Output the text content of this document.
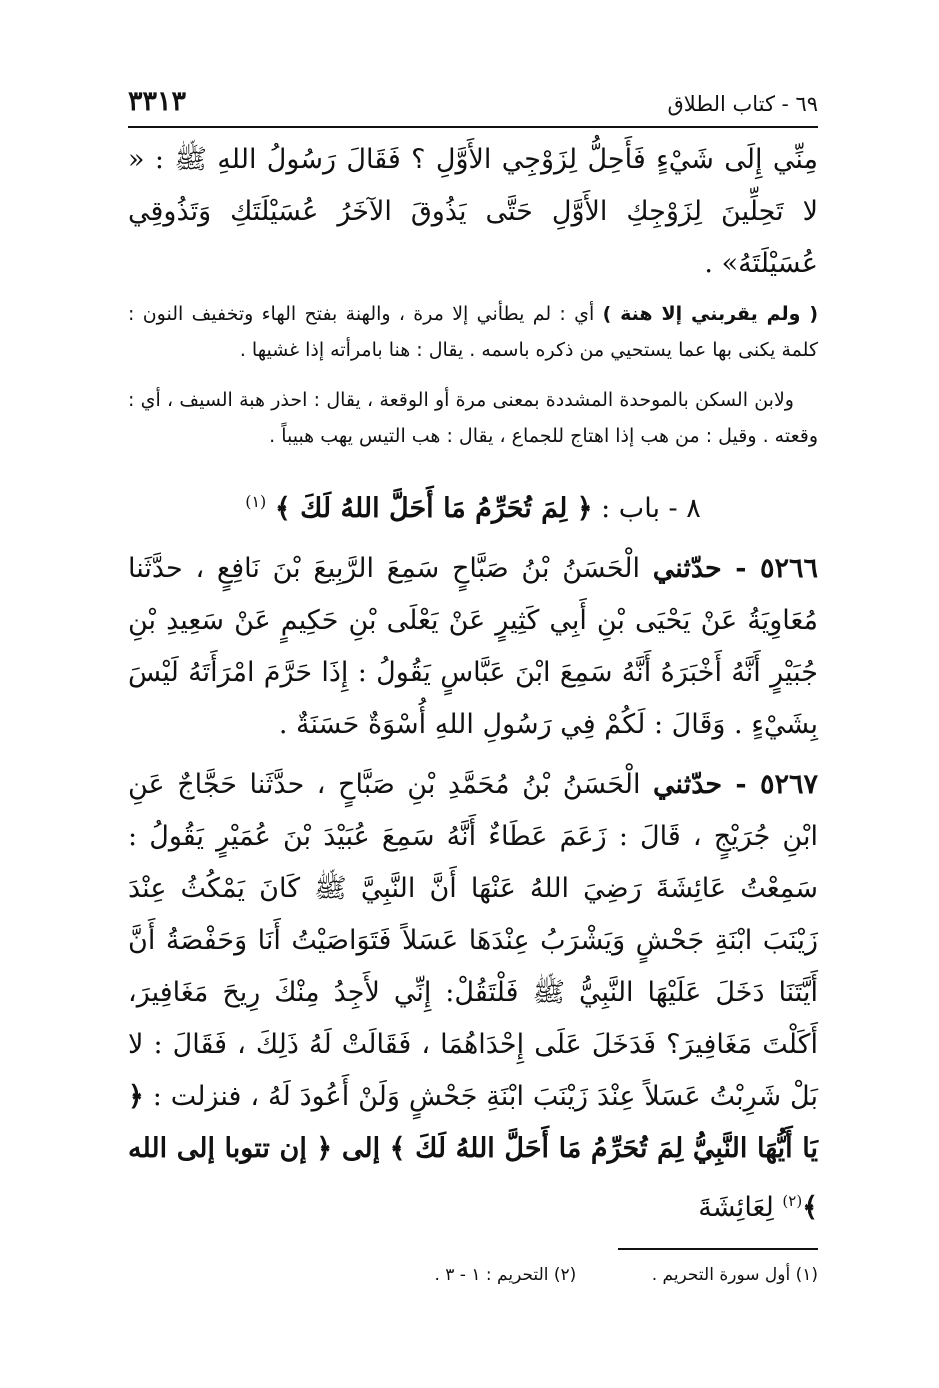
٦٩ - كتاب الطلاق
٣٣١٣

مِنِّي إِلَى شَيْءٍ فَأَحِلُّ لِزَوْجِي الأَوَّلِ ؟ فَقَالَ رَسُولُ اللهِ ﷺ : « لا تَحِلِّينَ لِزَوْجِكِ الأَوَّلِ حَتَّى يَذُوقَ الآخَرُ عُسَيْلَتَكِ وَتَذُوقِي عُسَيْلَتَهُ» .

( ولم يقربني إلا هنة ) أي : لم يطأني إلا مرة ، والهنة بفتح الهاء وتخفيف النون : كلمة يكنى بها عما يستحيي من ذكره باسمه . يقال : هنا بامرأته إذا غشيها .

ولابن السكن بالموحدة المشددة بمعنى مرة أو الوقعة ، يقال : احذر هبة السيف ، أي : وقعته . وقيل : من هب إذا اهتاج للجماع ، يقال : هب التيس يهب هبيباً .

٨ - باب : ﴿ لِمَ تُحَرِّمُ مَا أَحَلَّ اللهُ لَكَ ﴾ $^{(١)}$

٥٢٦٦ - حدّثني الْحَسَنُ بْنُ صَبَّاحٍ سَمِعَ الرَّبِيعَ بْنَ نَافِعٍ ، حدَّثَنا مُعَاوِيَةُ عَنْ يَحْيَى بْنِ أَبِي كَثِيرٍ عَنْ يَعْلَى بْنِ حَكِيمٍ عَنْ سَعِيدِ بْنِ جُبَيْرٍ أَنَّهُ أَخْبَرَهُ أَنَّهُ سَمِعَ ابْنَ عَبَّاسٍ يَقُولُ : إِذَا حَرَّمَ امْرَأَتَهُ لَيْسَ بِشَيْءٍ . وَقَالَ : لَكُمْ فِي رَسُولِ اللهِ أُسْوَةٌ حَسَنَةٌ .

٥٢٦٧ - حدّثني الْحَسَنُ بْنُ مُحَمَّدِ بْنِ صَبَّاحٍ ، حدَّثَنا حَجَّاجٌ عَنِ ابْنِ جُرَيْجٍ ، قَالَ : زَعَمَ عَطَاءٌ أَنَّهُ سَمِعَ عُبَيْدَ بْنَ عُمَيْرٍ يَقُولُ : سَمِعْتُ عَائِشَةَ رَضِيَ اللهُ عَنْهَا أَنَّ النَّبِيَّ ﷺ كَانَ يَمْكُثُ عِنْدَ زَيْنَبَ ابْنَةِ جَحْشٍ وَيَشْرَبُ عِنْدَهَا عَسَلاً فَتَوَاصَيْتُ أَنَا وَحَفْصَةُ أَنَّ أَيَّتَنَا دَخَلَ عَلَيْهَا النَّبِيُّ ﷺ فَلْتَقُلْ: إِنِّي لأَجِدُ مِنْكَ رِيحَ مَغَافِيرَ، أَكَلْتَ مَغَافِيرَ؟ فَدَخَلَ عَلَى إِحْدَاهُمَا ، فَقَالَتْ لَهُ ذَلِكَ ، فَقَالَ : لا بَلْ شَرِبْتُ عَسَلاً عِنْدَ زَيْنَبَ ابْنَةِ جَحْشٍ وَلَنْ أَعُودَ لَهُ ، فنزلت : ﴿ يَا أَيُّهَا النَّبِيُّ لِمَ تُحَرِّمُ مَا أَحَلَّ اللهُ لَكَ ﴾ إلى ﴿ إن تتوبا إلى الله ﴾$^{(٢)}$ لِعَائِشَةَ

(١) أول سورة التحريم . (٢) التحريم : ١ - ٣ .
